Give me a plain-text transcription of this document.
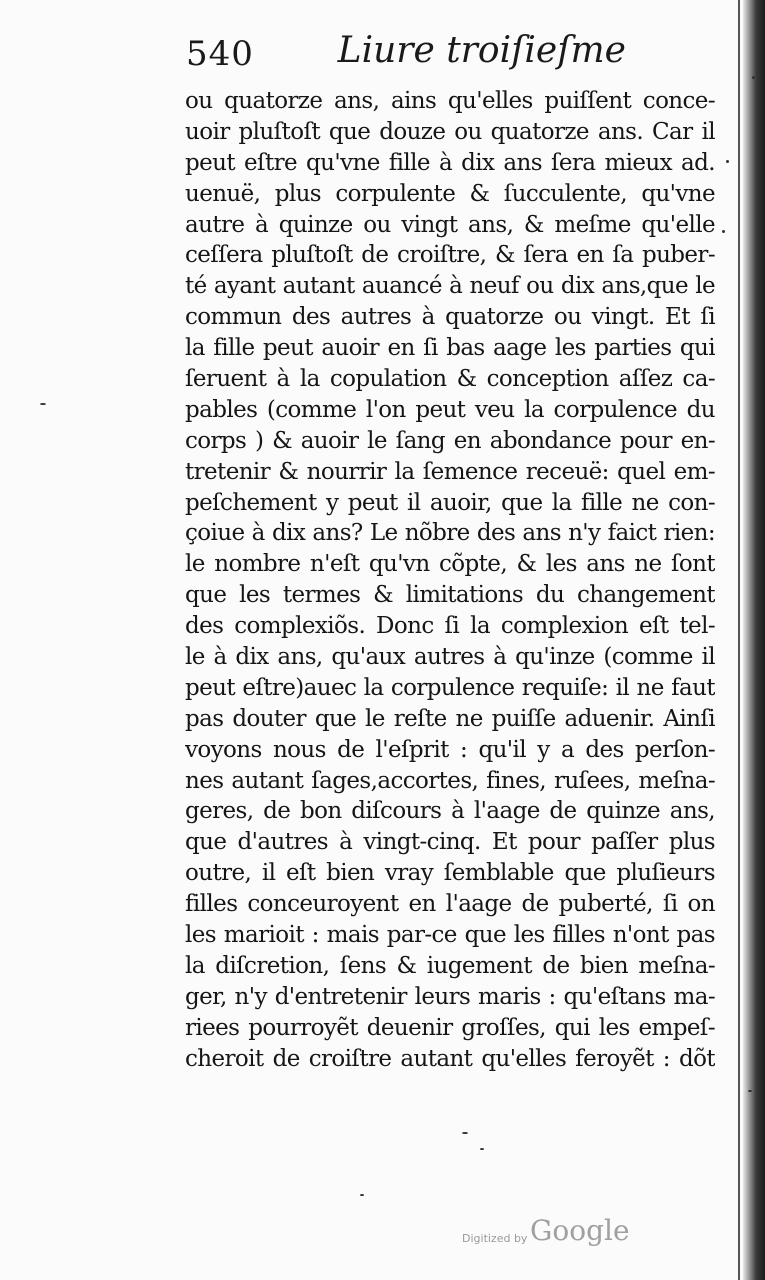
540 Liure troiſieſme
ou quatorze ans, ains qu'elles puiſſent conce-
uoir pluſtoſt que douze ou quatorze ans. Car il
peut eſtre qu'vne fille à dix ans ſera mieux ad.
uenuë, plus corpulente & ſucculente, qu'vne
autre à quinze ou vingt ans, & meſme qu'elle
ceſſera pluſtoſt de croiſtre, & ſera en ſa puber-
té ayant autant auancé à neuf ou dix ans,que le
commun des autres à quatorze ou vingt. Et ſi
la fille peut auoir en ſi bas aage les parties qui
ſeruent à la copulation & conception aſſez ca-
pables (comme l'on peut veu la corpulence du
corps ) & auoir le ſang en abondance pour en-
tretenir & nourrir la ſemence receuë: quel em-
peſchement y peut il auoir, que la fille ne con-
çoiue à dix ans? Le nõbre des ans n'y faict rien:
le nombre n'eſt qu'vn cõpte, & les ans ne ſont
que les termes & limitations du changement
des complexiõs. Donc ſi la complexion eſt tel-
le à dix ans, qu'aux autres à qu'inze (comme il
peut eſtre)auec la corpulence requiſe: il ne faut
pas douter que le reſte ne puiſſe aduenir. Ainſi
voyons nous de l'eſprit : qu'il y a des perſon-
nes autant ſages,accortes, fines, ruſees, meſna-
geres, de bon diſcours à l'aage de quinze ans,
que d'autres à vingt-cinq. Et pour paſſer plus
outre, il eſt bien vray ſemblable que pluſieurs
filles conceuroyent en l'aage de puberté, ſi on
les marioit : mais par-ce que les filles n'ont pas
la diſcretion, ſens & iugement de bien meſna-
ger, n'y d'entretenir leurs maris : qu'eſtans ma-
riees pourroyẽt deuenir groſſes, qui les empeſ-
cheroit de croiſtre autant qu'elles feroyẽt : dõt
Digitized by Google
